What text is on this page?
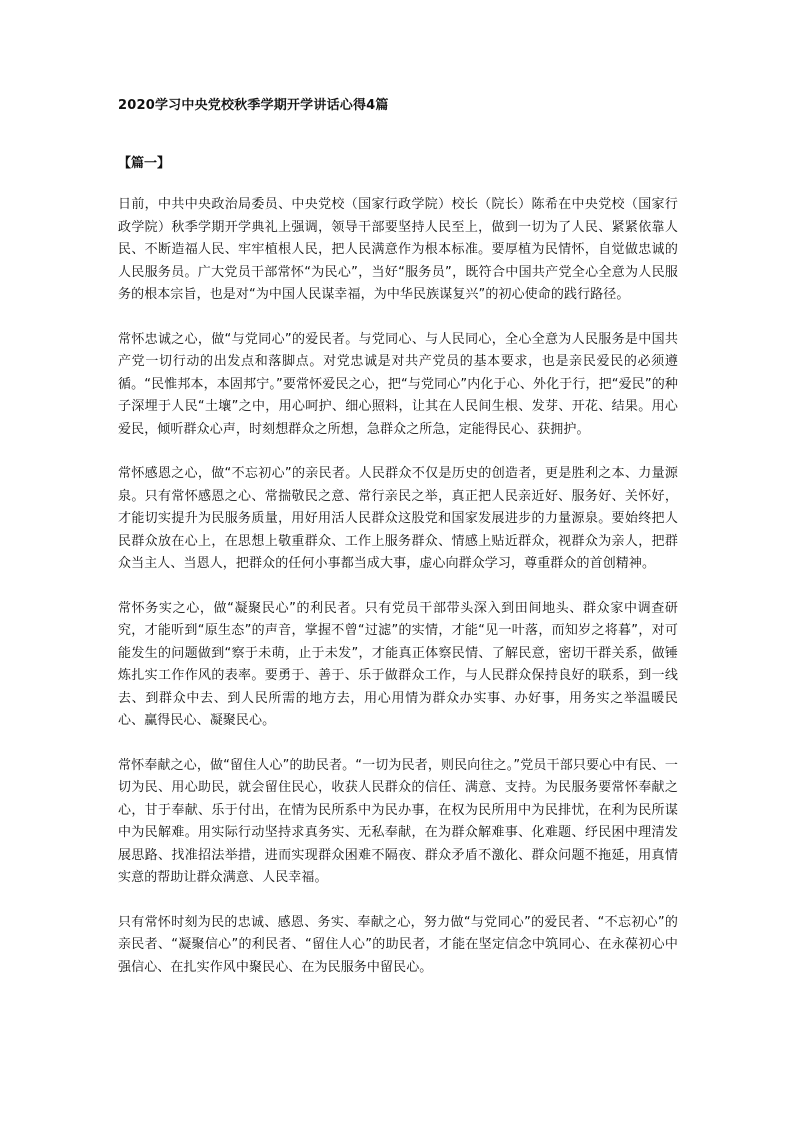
2020学习中央党校秋季学期开学讲话心得4篇
【篇一】

日前，中共中央政治局委员、中央党校（国家行政学院）校长（院长）陈希在中央党校（国家行政学院）秋季学期开学典礼上强调，领导干部要坚持人民至上，做到一切为了人民、紧紧依靠人民、不断造福人民、牢牢植根人民，把人民满意作为根本标准。要厚植为民情怀，自觉做忠诚的人民服务员。广大党员干部常怀“为民心”，当好“服务员”，既符合中国共产党全心全意为人民服务的根本宗旨，也是对“为中国人民谋幸福，为中华民族谋复兴”的初心使命的践行路径。

常怀忠诚之心，做“与党同心”的爱民者。与党同心、与人民同心，全心全意为人民服务是中国共产党一切行动的出发点和落脚点。对党忠诚是对共产党员的基本要求，也是亲民爱民的必须遵循。“民惟邦本，本固邦宁。”要常怀爱民之心，把“与党同心”内化于心、外化于行，把“爱民”的种子深埋于人民“土壤”之中，用心呵护、细心照料，让其在人民间生根、发芽、开花、结果。用心爱民，倾听群众心声，时刻想群众之所想，急群众之所急，定能得民心、获拥护。

常怀感恩之心，做“不忘初心”的亲民者。人民群众不仅是历史的创造者，更是胜利之本、力量源泉。只有常怀感恩之心、常揣敬民之意、常行亲民之举，真正把人民亲近好、服务好、关怀好，才能切实提升为民服务质量，用好用活人民群众这股党和国家发展进步的力量源泉。要始终把人民群众放在心上，在思想上敬重群众、工作上服务群众、情感上贴近群众，视群众为亲人，把群众当主人、当恩人，把群众的任何小事都当成大事，虚心向群众学习，尊重群众的首创精神。

常怀务实之心，做“凝聚民心”的利民者。只有党员干部带头深入到田间地头、群众家中调查研究，才能听到“原生态”的声音，掌握不曾“过滤”的实情，才能“见一叶落，而知岁之将暮”，对可能发生的问题做到“察于未萌，止于未发”，才能真正体察民情、了解民意，密切干群关系，做锤炼扎实工作作风的表率。要勇于、善于、乐于做群众工作，与人民群众保持良好的联系，到一线去、到群众中去、到人民所需的地方去，用心用情为群众办实事、办好事，用务实之举温暖民心、赢得民心、凝聚民心。

常怀奉献之心，做“留住人心”的助民者。“一切为民者，则民向往之。”党员干部只要心中有民、一切为民、用心助民，就会留住民心，收获人民群众的信任、满意、支持。为民服务要常怀奉献之心，甘于奉献、乐于付出，在情为民所系中为民办事，在权为民所用中为民排忧，在利为民所谋中为民解难。用实际行动坚持求真务实、无私奉献，在为群众解难事、化难题、纾民困中理清发展思路、找准招法举措，进而实现群众困难不隔夜、群众矛盾不激化、群众问题不拖延，用真情实意的帮助让群众满意、人民幸福。

只有常怀时刻为民的忠诚、感恩、务实、奉献之心，努力做“与党同心”的爱民者、“不忘初心”的亲民者、“凝聚信心”的利民者、“留住人心”的助民者，才能在坚定信念中筑同心、在永葆初心中强信心、在扎实作风中聚民心、在为民服务中留民心。
